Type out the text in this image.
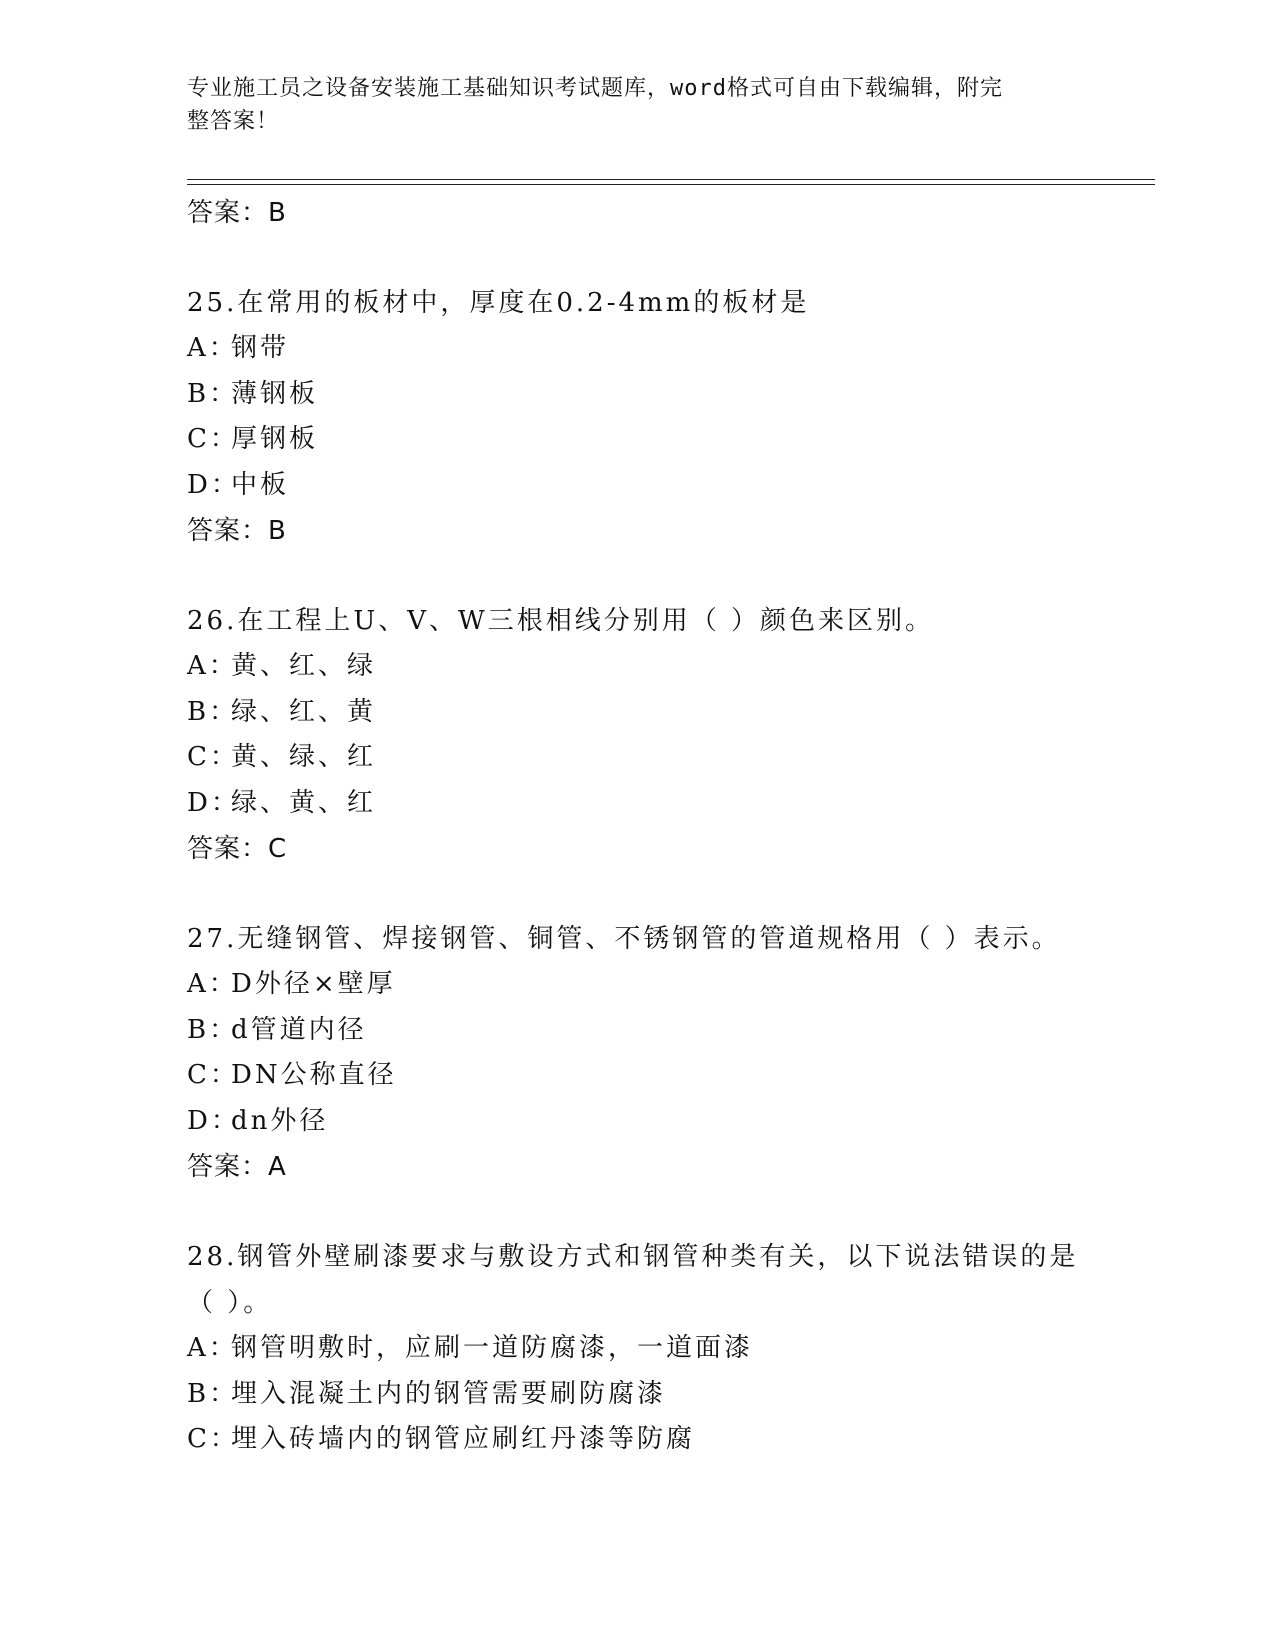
专业施工员之设备安装施工基础知识考试题库，word格式可自由下载编辑，附完
整答案！
答案：B
25.在常用的板材中，厚度在0.2-4mm的板材是
A：钢带
B：薄钢板
C：厚钢板
D：中板
答案：B
26.在工程上U、V、W三根相线分别用（ ）颜色来区别。
A：黄、红、绿
B：绿、红、黄
C：黄、绿、红
D：绿、黄、红
答案：C
27.无缝钢管、焊接钢管、铜管、不锈钢管的管道规格用（ ）表示。
A：D外径×壁厚
B：d管道内径
C：DN公称直径
D：dn外径
答案：A
28.钢管外壁刷漆要求与敷设方式和钢管种类有关，以下说法错误的是
（ ）。
A：钢管明敷时，应刷一道防腐漆，一道面漆
B：埋入混凝土内的钢管需要刷防腐漆
C：埋入砖墙内的钢管应刷红丹漆等防腐
